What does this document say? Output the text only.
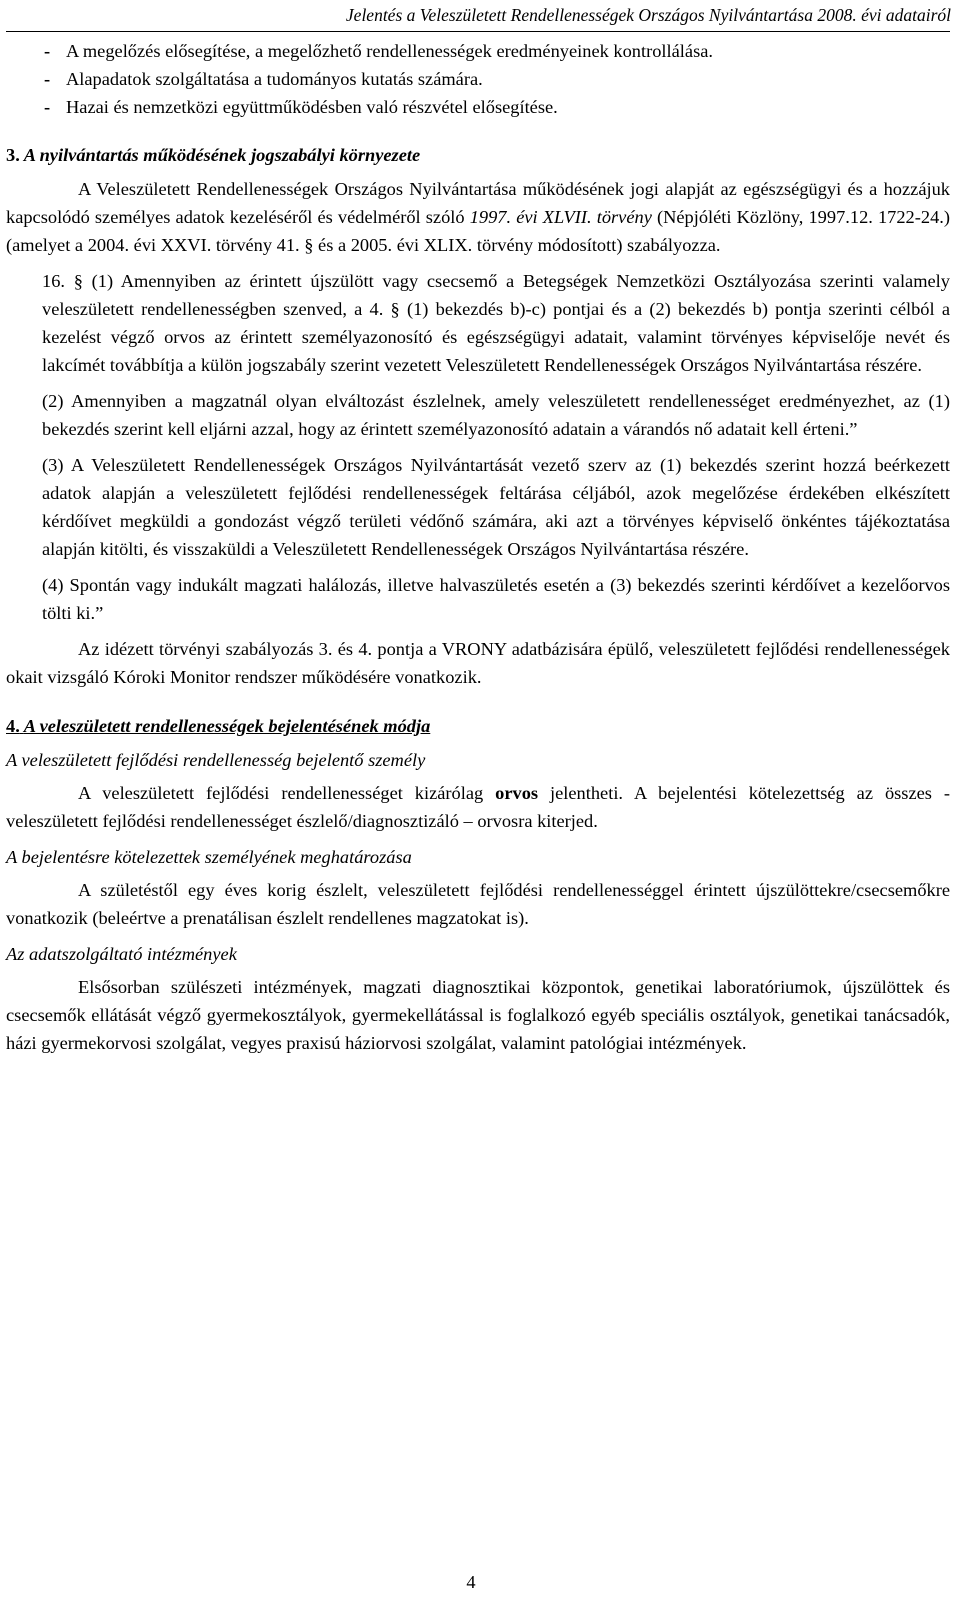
Jelentés a Veleszületett Rendellenességek Országos Nyilvántartása 2008. évi adatairól
- A megelőzés elősegítése, a megelőzhető rendellenességek eredményeinek kontrollálása.
- Alapadatok szolgáltatása a tudományos kutatás számára.
- Hazai és nemzetközi együttműködésben való részvétel elősegítése.
3. A nyilvántartás működésének jogszabályi környezete

A Veleszületett Rendellenességek Országos Nyilvántartása működésének jogi alapját az egészségügyi és a hozzájuk kapcsolódó személyes adatok kezeléséről és védelméről szóló 1997. évi XLVII. törvény (Népjóléti Közlöny, 1997.12. 1722-24.) (amelyet a 2004. évi XXVI. törvény 41. § és a 2005. évi XLIX. törvény módosított) szabályozza.

16. § (1) Amennyiben az érintett újszülött vagy csecsemő a Betegségek Nemzetközi Osztályozása szerinti valamely veleszületett rendellenességben szenved, a 4. § (1) bekezdés b)-c) pontjai és a (2) bekezdés b) pontja szerinti célból a kezelést végző orvos az érintett személyazonosító és egészségügyi adatait, valamint törvényes képviselője nevét és lakcímét továbbítja a külön jogszabály szerint vezetett Veleszületett Rendellenességek Országos Nyilvántartása részére.

(2) Amennyiben a magzatnál olyan elváltozást észlelnek, amely veleszületett rendellenességet eredményezhet, az (1) bekezdés szerint kell eljárni azzal, hogy az érintett személyazonosító adatain a várandós nő adatait kell érteni.”

(3) A Veleszületett Rendellenességek Országos Nyilvántartását vezető szerv az (1) bekezdés szerint hozzá beérkezett adatok alapján a veleszületett fejlődési rendellenességek feltárása céljából, azok megelőzése érdekében elkészített kérdőívet megküldi a gondozást végző területi védőnő számára, aki azt a törvényes képviselő önkéntes tájékoztatása alapján kitölti, és visszaküldi a Veleszületett Rendellenességek Országos Nyilvántartása részére.

(4) Spontán vagy indukált magzati halálozás, illetve halvaszületés esetén a (3) bekezdés szerinti kérdőívet a kezelőorvos tölti ki.”

Az idézett törvényi szabályozás 3. és 4. pontja a VRONY adatbázisára épülő, veleszületett fejlődési rendellenességek okait vizsgáló Kóroki Monitor rendszer működésére vonatkozik.

4. A veleszületett rendellenességek bejelentésének módja
A veleszületett fejlődési rendellenesség bejelentő személy

A veleszületett fejlődési rendellenességet kizárólag orvos jelentheti. A bejelentési kötelezettség az összes - veleszületett fejlődési rendellenességet észlelő/diagnosztizáló – orvosra kiterjed.

A bejelentésre kötelezettek személyének meghatározása

A születéstől egy éves korig észlelt, veleszületett fejlődési rendellenességgel érintett újszülöttekre/csecsemőkre vonatkozik (beleértve a prenatálisan észlelt rendellenes magzatokat is).

Az adatszolgáltató intézmények

Elsősorban szülészeti intézmények, magzati diagnosztikai központok, genetikai laboratóriumok, újszülöttek és csecsemők ellátását végző gyermekosztályok, gyermekellátással is foglalkozó egyéb speciális osztályok, genetikai tanácsadók, házi gyermekorvosi szolgálat, vegyes praxisú háziorvosi szolgálat, valamint patológiai intézmények.

4
